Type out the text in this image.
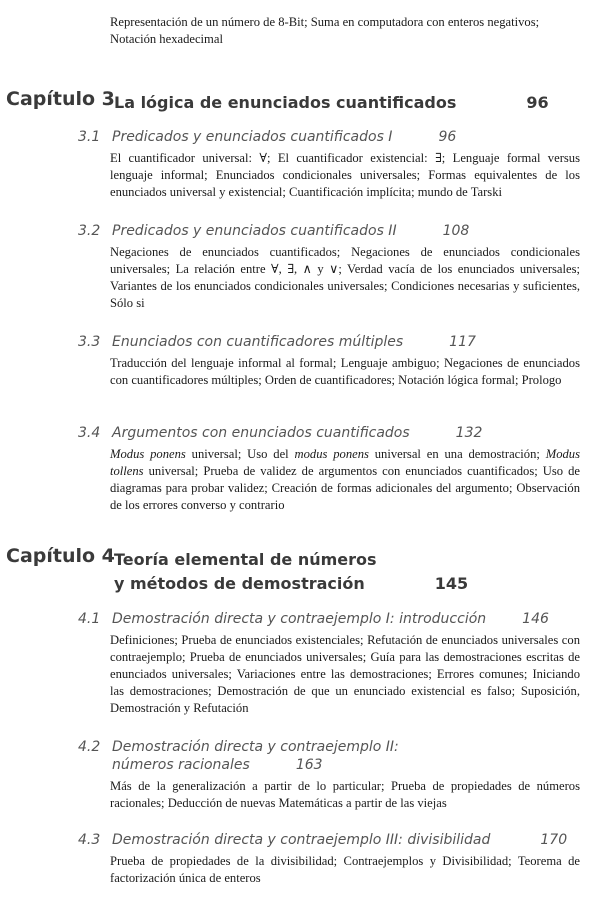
Representación de un número de 8-Bit; Suma en computadora con enteros negativos; Notación hexadecimal

Capítulo 3 La lógica de enunciados cuantificados	96
3.1 Predicados y enunciados cuantificados I	96
El cuantificador universal: ∀; El cuantificador existencial: ∃; Lenguaje formal versus lenguaje informal; Enunciados condicionales universales; Formas equivalentes de los enunciados universal y existencial; Cuantificación implícita; mundo de Tarski
3.2 Predicados y enunciados cuantificados II	108
Negaciones de enunciados cuantificados; Negaciones de enunciados condicionales universales; La relación entre ∀, ∃, ∧ y ∨; Verdad vacía de los enunciados universales; Variantes de los enunciados condicionales universales; Condiciones necesarias y suficientes, Sólo si
3.3 Enunciados con cuantificadores múltiples	117
Traducción del lenguaje informal al formal; Lenguaje ambiguo; Negaciones de enunciados con cuantificadores múltiples; Orden de cuantificadores; Notación lógica formal; Prologo
3.4 Argumentos con enunciados cuantificados	132
Modus ponens universal; Uso del modus ponens universal en una demostración; Modus tollens universal; Prueba de validez de argumentos con enunciados cuantificados; Uso de diagramas para probar validez; Creación de formas adicionales del argumento; Observación de los errores converso y contrario
Capítulo 4 Teoría elemental de números
y métodos de demostración	145
4.1 Demostración directa y contraejemplo I: introducción	146
Definiciones; Prueba de enunciados existenciales; Refutación de enunciados universales con contraejemplo; Prueba de enunciados universales; Guía para las demostraciones escritas de enunciados universales; Variaciones entre las demostraciones; Errores comunes; Iniciando las demostraciones; Demostración de que un enunciado existencial es falso; Suposición, Demostración y Refutación
4.2 Demostración directa y contraejemplo II:
números racionales	163
Más de la generalización a partir de lo particular; Prueba de propiedades de números racionales; Deducción de nuevas Matemáticas a partir de las viejas
4.3 Demostración directa y contraejemplo III: divisibilidad	170
Prueba de propiedades de la divisibilidad; Contraejemplos y Divisibilidad; Teorema de factorización única de enteros
